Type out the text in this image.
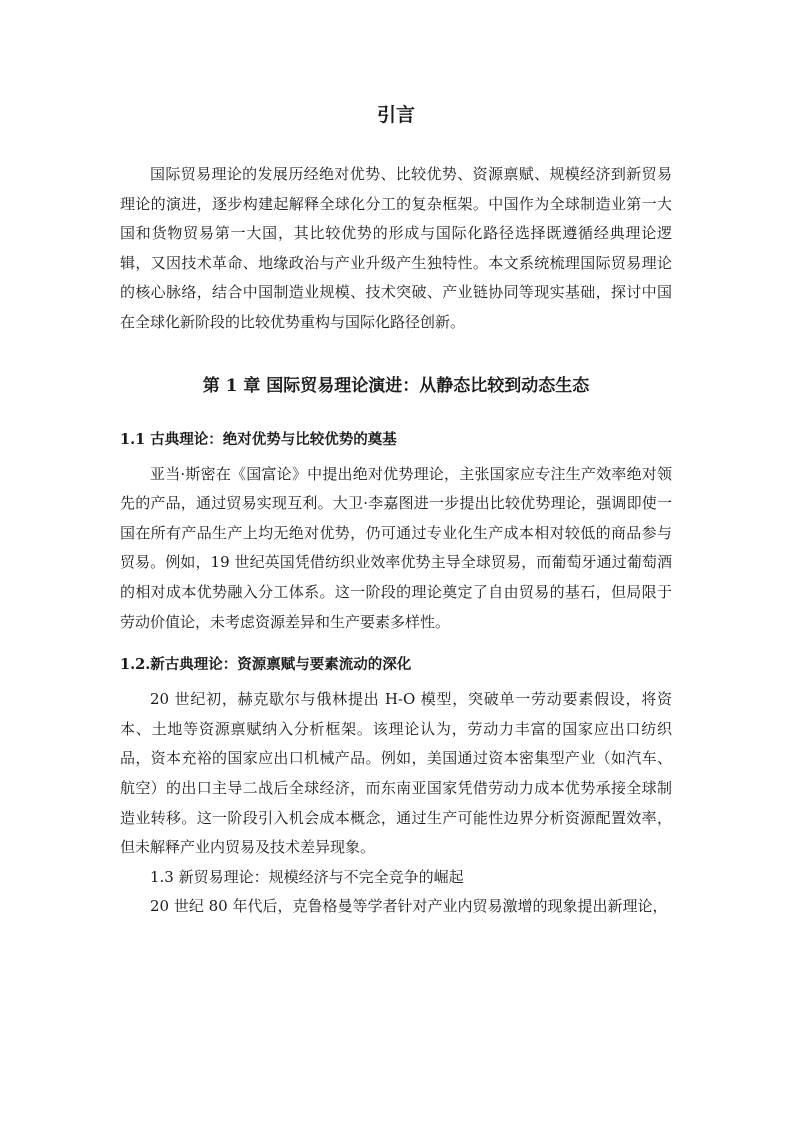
引言

国际贸易理论的发展历经绝对优势、比较优势、资源禀赋、规模经济到新贸易理论的演进，逐步构建起解释全球化分工的复杂框架。中国作为全球制造业第一大国和货物贸易第一大国，其比较优势的形成与国际化路径选择既遵循经典理论逻辑，又因技术革命、地缘政治与产业升级产生独特性。本文系统梳理国际贸易理论的核心脉络，结合中国制造业规模、技术突破、产业链协同等现实基础，探讨中国在全球化新阶段的比较优势重构与国际化路径创新。

第 1 章 国际贸易理论演进：从静态比较到动态生态
1.1 古典理论：绝对优势与比较优势的奠基

亚当·斯密在《国富论》中提出绝对优势理论，主张国家应专注生产效率绝对领先的产品，通过贸易实现互利。大卫·李嘉图进一步提出比较优势理论，强调即使一国在所有产品生产上均无绝对优势，仍可通过专业化生产成本相对较低的商品参与贸易。例如，19 世纪英国凭借纺织业效率优势主导全球贸易，而葡萄牙通过葡萄酒的相对成本优势融入分工体系。这一阶段的理论奠定了自由贸易的基石，但局限于劳动价值论，未考虑资源差异和生产要素多样性。

1.2.新古典理论：资源禀赋与要素流动的深化

20 世纪初，赫克歇尔与俄林提出 H-O 模型，突破单一劳动要素假设，将资本、土地等资源禀赋纳入分析框架。该理论认为，劳动力丰富的国家应出口纺织品，资本充裕的国家应出口机械产品。例如，美国通过资本密集型产业（如汽车、航空）的出口主导二战后全球经济，而东南亚国家凭借劳动力成本优势承接全球制造业转移。这一阶段引入机会成本概念，通过生产可能性边界分析资源配置效率，但未解释产业内贸易及技术差异现象。

1.3 新贸易理论：规模经济与不完全竞争的崛起

20 世纪 80 年代后，克鲁格曼等学者针对产业内贸易激增的现象提出新理论，
